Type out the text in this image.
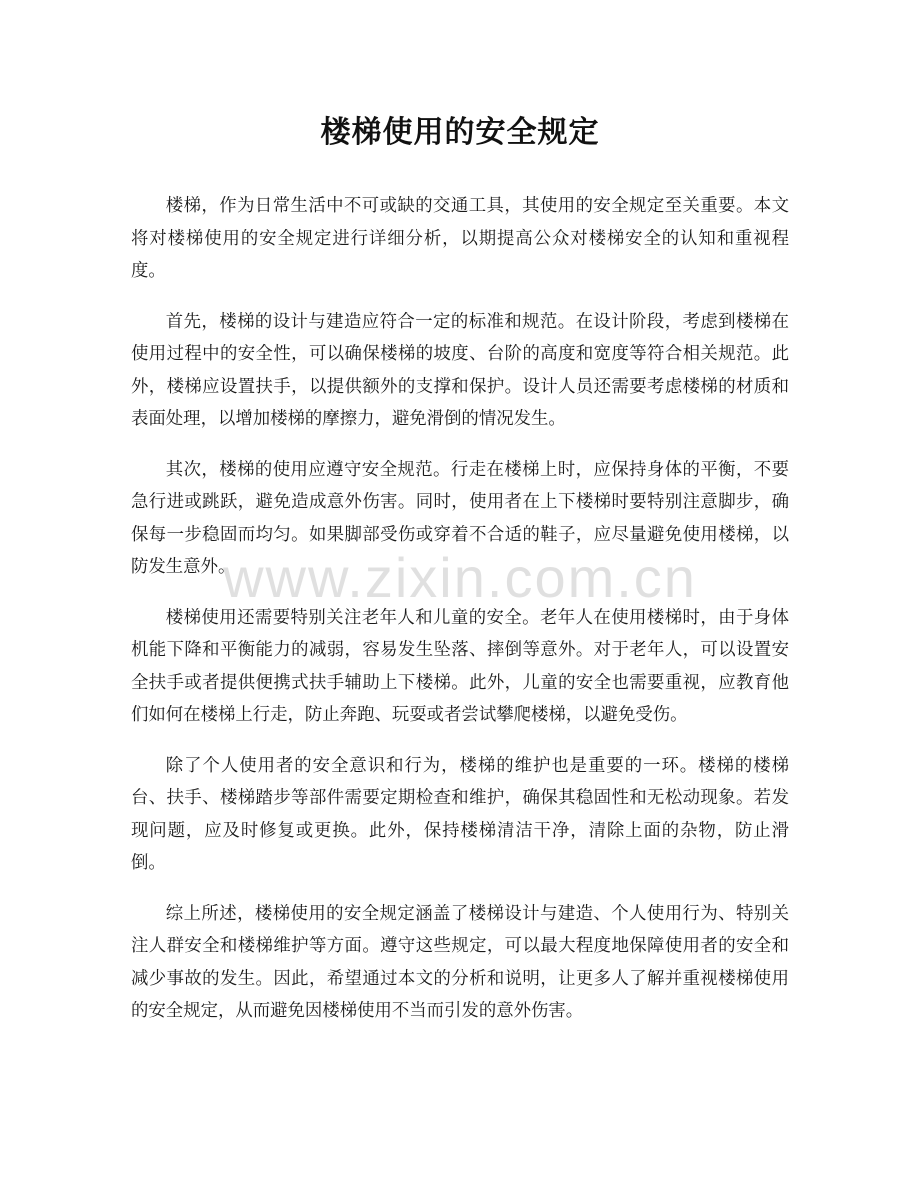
楼梯使用的安全规定

楼梯，作为日常生活中不可或缺的交通工具，其使用的安全规定至关重要。本文将对楼梯使用的安全规定进行详细分析，以期提高公众对楼梯安全的认知和重视程度。

首先，楼梯的设计与建造应符合一定的标准和规范。在设计阶段，考虑到楼梯在使用过程中的安全性，可以确保楼梯的坡度、台阶的高度和宽度等符合相关规范。此外，楼梯应设置扶手，以提供额外的支撑和保护。设计人员还需要考虑楼梯的材质和表面处理，以增加楼梯的摩擦力，避免滑倒的情况发生。

其次，楼梯的使用应遵守安全规范。行走在楼梯上时，应保持身体的平衡，不要急行进或跳跃，避免造成意外伤害。同时，使用者在上下楼梯时要特别注意脚步，确保每一步稳固而均匀。如果脚部受伤或穿着不合适的鞋子，应尽量避免使用楼梯，以防发生意外。

楼梯使用还需要特别关注老年人和儿童的安全。老年人在使用楼梯时，由于身体机能下降和平衡能力的减弱，容易发生坠落、摔倒等意外。对于老年人，可以设置安全扶手或者提供便携式扶手辅助上下楼梯。此外，儿童的安全也需要重视，应教育他们如何在楼梯上行走，防止奔跑、玩耍或者尝试攀爬楼梯，以避免受伤。

除了个人使用者的安全意识和行为，楼梯的维护也是重要的一环。楼梯的楼梯台、扶手、楼梯踏步等部件需要定期检查和维护，确保其稳固性和无松动现象。若发现问题，应及时修复或更换。此外，保持楼梯清洁干净，清除上面的杂物，防止滑倒。

综上所述，楼梯使用的安全规定涵盖了楼梯设计与建造、个人使用行为、特别关注人群安全和楼梯维护等方面。遵守这些规定，可以最大程度地保障使用者的安全和减少事故的发生。因此，希望通过本文的分析和说明，让更多人了解并重视楼梯使用的安全规定，从而避免因楼梯使用不当而引发的意外伤害。

www.zixin.com.cn
